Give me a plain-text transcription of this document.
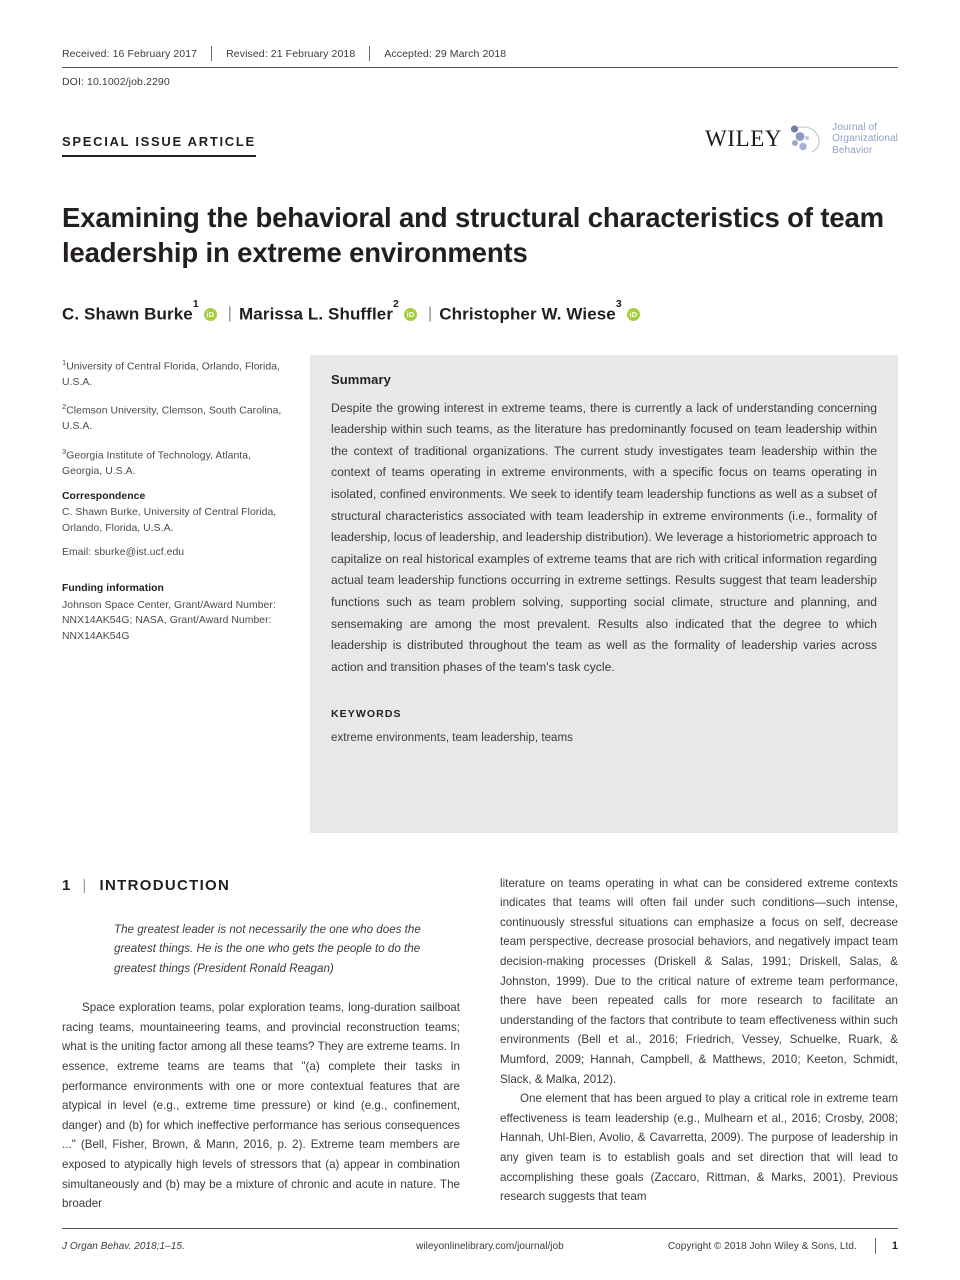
Received: 16 February 2017	Revised: 21 February 2018	Accepted: 29 March 2018
DOI: 10.1002/job.2290
SPECIAL ISSUE ARTICLE	WILEY	Journal of
Organizational
Behavior
Examining the behavioral and structural characteristics of team leadership in extreme environments
C. Shawn Burke$^1$
iD
| Marissa L. Shuffler$^2$
iD
| Christopher W. Wiese$^3$
iD

$^1$University of Central Florida, Orlando, Florida, U.S.A.

$^2$Clemson University, Clemson, South Carolina, U.S.A.

$^3$Georgia Institute of Technology, Atlanta, Georgia, U.S.A.

Correspondence

C. Shawn Burke, University of Central Florida, Orlando, Florida, U.S.A.

Email: sburke@ist.ucf.edu

Funding information

Johnson Space Center, Grant/Award Number: NNX14AK54G; NASA, Grant/Award Number: NNX14AK54G

Summary
Despite the growing interest in extreme teams, there is currently a lack of understanding concerning leadership within such teams, as the literature has predominantly focused on team leadership within the context of traditional organizations. The current study investigates team leadership within the context of teams operating in extreme environments, with a specific focus on teams operating in isolated, confined environments. We seek to identify team leadership functions as well as a subset of structural characteristics associated with team leadership in extreme environments (i.e., formality of leadership, locus of leadership, and leadership distribution). We leverage a historiometric approach to capitalize on real historical examples of extreme teams that are rich with critical information regarding actual team leadership functions occurring in extreme settings. Results suggest that team leadership functions such as team problem solving, supporting social climate, structure and planning, and sensemaking are among the most prevalent. Results also indicated that the degree to which leadership is distributed throughout the team as well as the formality of leadership varies across action and transition phases of the team's task cycle.
KEYWORDS
extreme environments, team leadership, teams
1 | INTRODUCTION
The greatest leader is not necessarily the one who does the greatest things. He is the one who gets the people to do the greatest things (President Ronald Reagan)

Space exploration teams, polar exploration teams, long-duration sailboat racing teams, mountaineering teams, and provincial reconstruction teams; what is the uniting factor among all these teams? They are extreme teams. In essence, extreme teams are teams that "(a) complete their tasks in performance environments with one or more contextual features that are atypical in level (e.g., extreme time pressure) or kind (e.g., confinement, danger) and (b) for which ineffective performance has serious consequences ..." (Bell, Fisher, Brown, & Mann, 2016, p. 2). Extreme team members are exposed to atypically high levels of stressors that (a) appear in combination simultaneously and (b) may be a mixture of chronic and acute in nature. The broader

literature on teams operating in what can be considered extreme contexts indicates that teams will often fail under such conditions—such intense, continuously stressful situations can emphasize a focus on self, decrease team perspective, decrease prosocial behaviors, and negatively impact team decision-making processes (Driskell & Salas, 1991; Driskell, Salas, & Johnston, 1999). Due to the critical nature of extreme team performance, there have been repeated calls for more research to facilitate an understanding of the factors that contribute to team effectiveness within such environments (Bell et al., 2016; Friedrich, Vessey, Schuelke, Ruark, & Mumford, 2009; Hannah, Campbell, & Matthews, 2010; Keeton, Schmidt, Slack, & Malka, 2012).

One element that has been argued to play a critical role in extreme team effectiveness is team leadership (e.g., Mulhearn et al., 2016; Crosby, 2008; Hannah, Uhl-Bien, Avolio, & Cavarretta, 2009). The purpose of leadership in any given team is to establish goals and set direction that will lead to accomplishing these goals (Zaccaro, Rittman, & Marks, 2001). Previous research suggests that team

J Organ Behav. 2018;1–15.	wileyonlinelibrary.com/journal/job	Copyright © 2018 John Wiley & Sons, Ltd.	1
